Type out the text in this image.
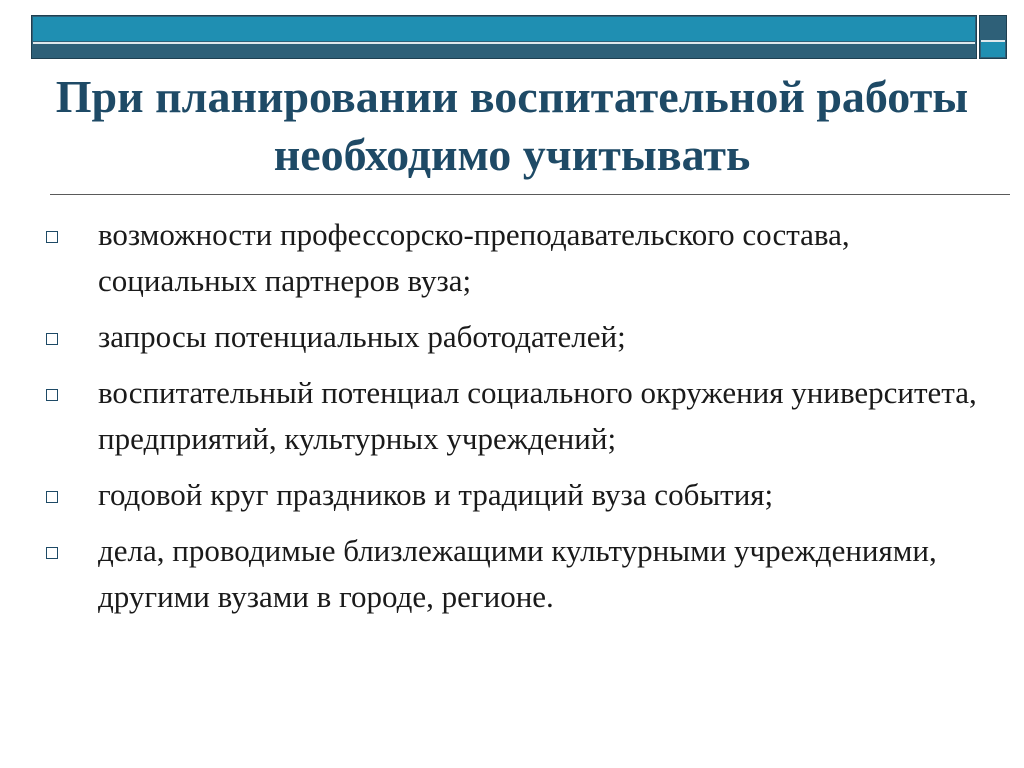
При планировании воспитательной работы необходимо учитывать
возможности профессорско-преподавательского состава, социальных партнеров вуза;
запросы потенциальных работодателей;
воспитательный потенциал социального окружения университета, предприятий, культурных учреждений;
годовой круг праздников и традиций вуза события;
дела, проводимые близлежащими культурными учреждениями, другими вузами в городе, регионе.
